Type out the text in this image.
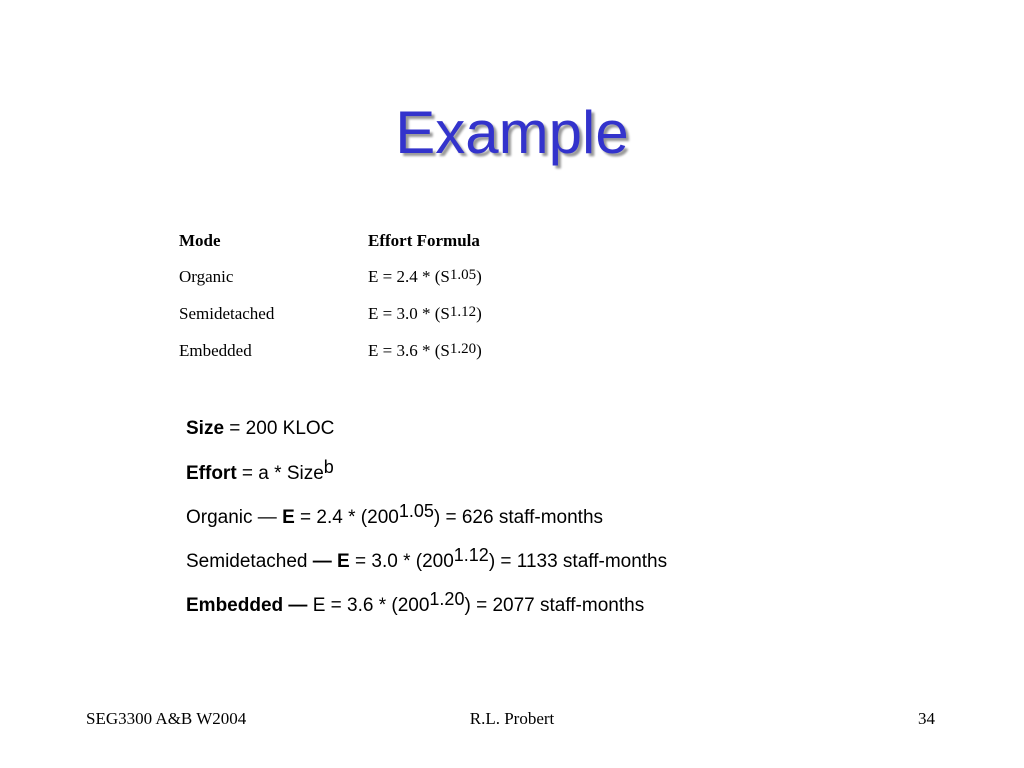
Example
Mode	Effort Formula
Organic	$E = 2.4 * (S^{1.05})$
Semidetached	$E = 3.0 * (S^{1.12})$
Embedded	$E = 3.6 * (S^{1.20})$
Size = 200 KLOC
Effort = a * Size$^b$
Organic — $E = 2.4 * (200^{1.05}) = 626$ staff-months
Semidetached — $E = 3.0 * (200^{1.12}) = 1133$ staff-months
Embedded — $E = 3.6 * (200^{1.20}) = 2077$ staff-months
SEG3300 A&B W2004	R.L. Probert	34
